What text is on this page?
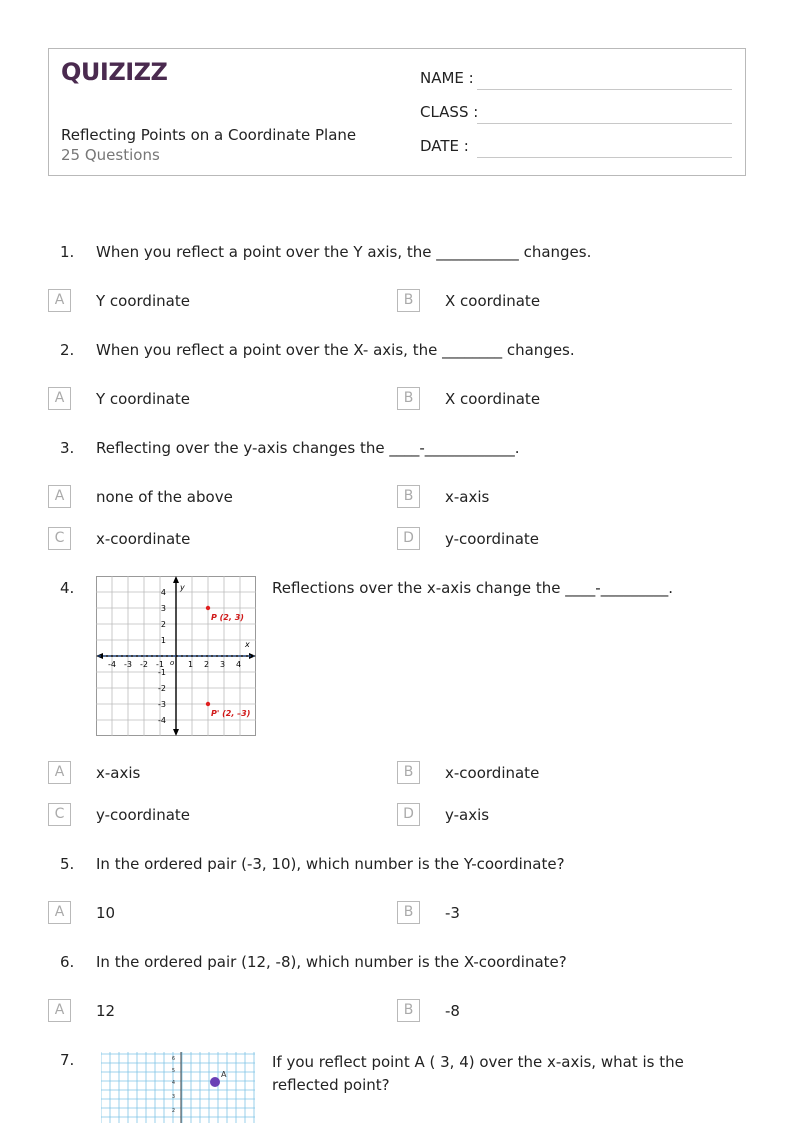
QUIZIZZ
Reflecting Points on a Coordinate Plane
25 Questions
NAME :
CLASS :
DATE :
1.	When you reflect a point over the Y axis, the ___________ changes.
A	Y coordinate	B	X coordinate
2.	When you reflect a point over the X- axis, the ________ changes.
A	Y coordinate	B	X coordinate
3.	Reflecting over the y-axis changes the ____-____________.
A	none of the above	B	x-axis
C	x-coordinate	D	y-coordinate
4.	Reflections over the x-axis change the ____-_________.
-4 -3 -2 -1	1 2 3 4
4
3
2
1
-1
-2
-3
-4
o
x
y
P (2, 3)
P' (2, –3)
A	x-axis	B	x-coordinate
C	y-coordinate	D	y-axis
5.	In the ordered pair (-3, 10), which number is the Y-coordinate?
A	10	B	-3
6.	In the ordered pair (12, -8), which number is the X-coordinate?
A	12	B	-8
7.	If you reflect point A ( 3, 4) over the x-axis, what is the reflected point?
6
5
4
3
2
A
